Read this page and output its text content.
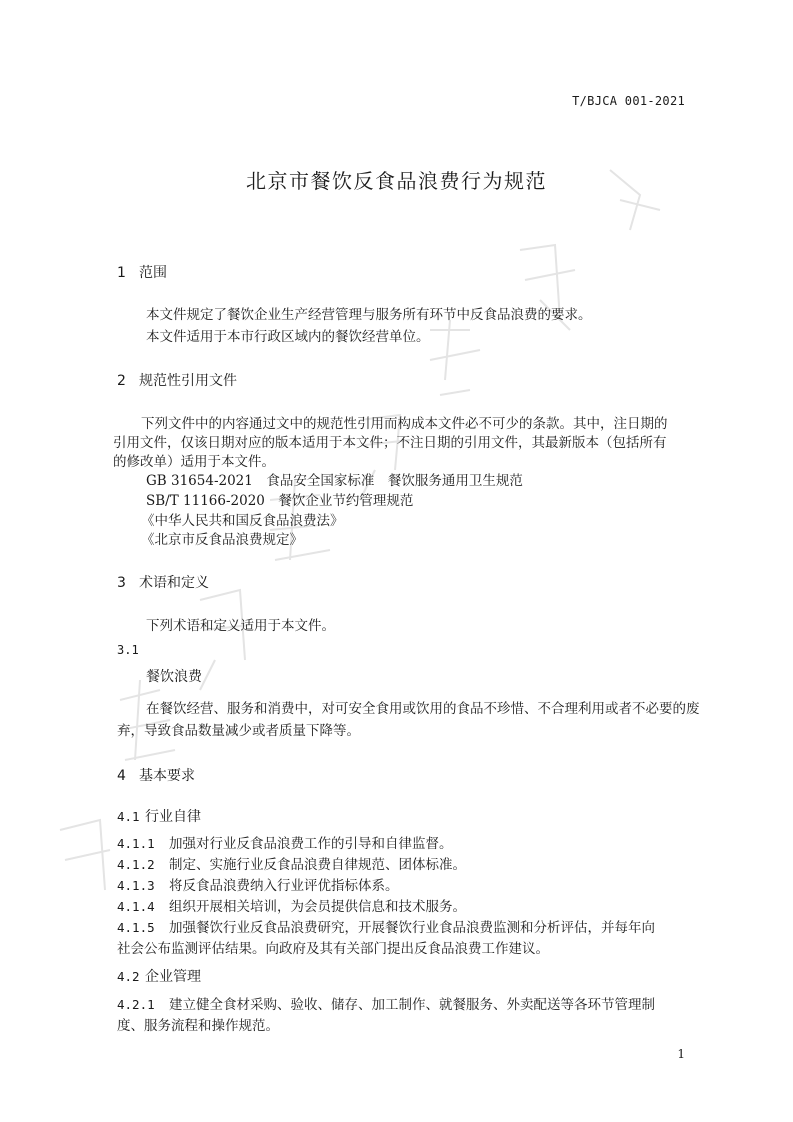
T/BJCA 001-2021
北京市餐饮反食品浪费行为规范
1 范围
本文件规定了餐饮企业生产经营管理与服务所有环节中反食品浪费的要求。
本文件适用于本市行政区域内的餐饮经营单位。
2 规范性引用文件
下列文件中的内容通过文中的规范性引用而构成本文件必不可少的条款。其中，注日期的
引用文件，仅该日期对应的版本适用于本文件；不注日期的引用文件，其最新版本（包括所有
的修改单）适用于本文件。
GB 31654-2021　食品安全国家标准　餐饮服务通用卫生规范
SB/T 11166-2020　餐饮企业节约管理规范
《中华人民共和国反食品浪费法》
《北京市反食品浪费规定》
3 术语和定义
下列术语和定义适用于本文件。
3.1
餐饮浪费
在餐饮经营、服务和消费中，对可安全食用或饮用的食品不珍惜、不合理利用或者不必要的废
弃，导致食品数量减少或者质量下降等。
4 基本要求
4.1 行业自律
4.1.1 加强对行业反食品浪费工作的引导和自律监督。
4.1.2 制定、实施行业反食品浪费自律规范、团体标准。
4.1.3 将反食品浪费纳入行业评优指标体系。
4.1.4 组织开展相关培训，为会员提供信息和技术服务。
4.1.5 加强餐饮行业反食品浪费研究，开展餐饮行业食品浪费监测和分析评估，并每年向
社会公布监测评估结果。向政府及其有关部门提出反食品浪费工作建议。
4.2 企业管理
4.2.1 建立健全食材采购、验收、储存、加工制作、就餐服务、外卖配送等各环节管理制
度、服务流程和操作规范。
1
